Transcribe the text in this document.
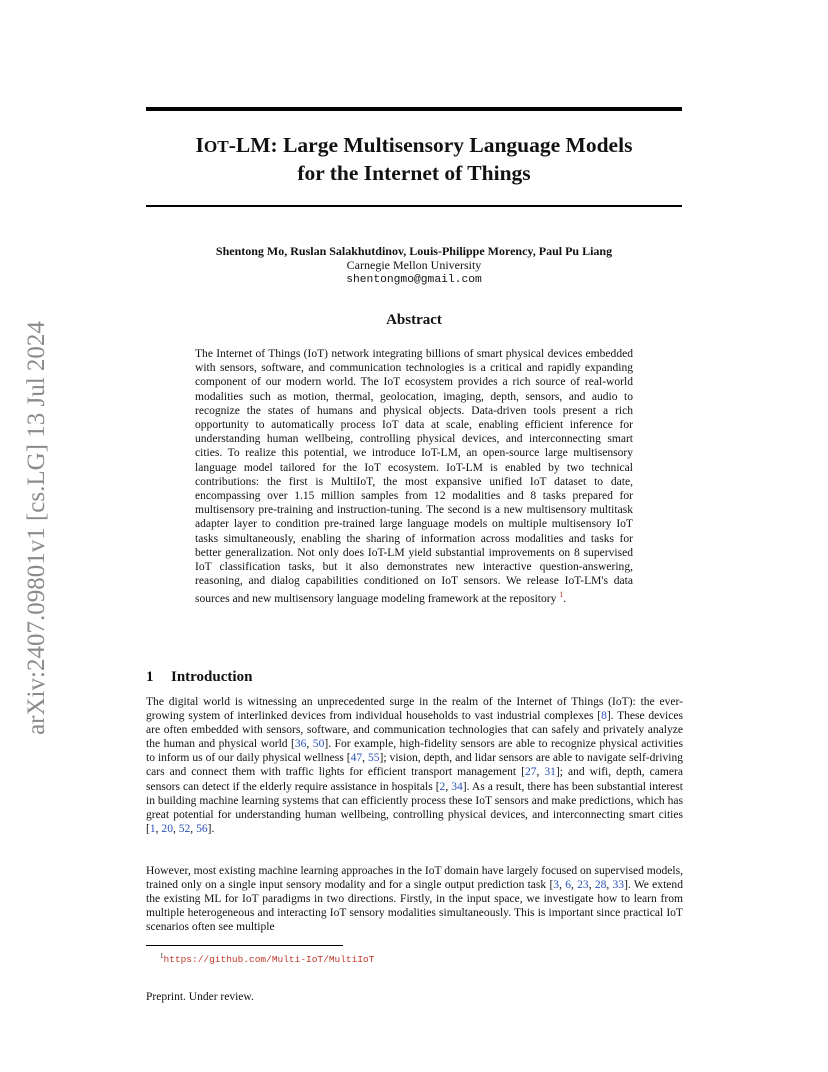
arXiv:2407.09801v1 [cs.LG] 13 Jul 2024
IOT-LM: Large Multisensory Language Models
for the Internet of Things
Shentong Mo, Ruslan Salakhutdinov, Louis-Philippe Morency, Paul Pu Liang
Carnegie Mellon University
shentongmo@gmail.com
Abstract

The Internet of Things (IoT) network integrating billions of smart physical devices embedded with sensors, software, and communication technologies is a critical and rapidly expanding component of our modern world. The IoT ecosystem provides a rich source of real-world modalities such as motion, thermal, geolocation, imaging, depth, sensors, and audio to recognize the states of humans and physical objects. Data-driven tools present a rich opportunity to automatically process IoT data at scale, enabling efficient inference for understanding human wellbeing, controlling physical devices, and interconnecting smart cities. To realize this potential, we introduce IoT-LM, an open-source large multisensory language model tailored for the IoT ecosystem. IoT-LM is enabled by two technical contributions: the first is MultiIoT, the most expansive unified IoT dataset to date, encompassing over 1.15 million samples from 12 modalities and 8 tasks prepared for multisensory pre-training and instruction-tuning. The second is a new multisensory multitask adapter layer to condition pre-trained large language models on multiple multisensory IoT tasks simultaneously, enabling the sharing of information across modalities and tasks for better generalization. Not only does IoT-LM yield substantial improvements on 8 supervised IoT classification tasks, but it also demonstrates new interactive question-answering, reasoning, and dialog capabilities conditioned on IoT sensors. We release IoT-LM's data sources and new multisensory language modeling framework at the repository $^1$.

1 Introduction

The digital world is witnessing an unprecedented surge in the realm of the Internet of Things (IoT): the ever-growing system of interlinked devices from individual households to vast industrial complexes [8]. These devices are often embedded with sensors, software, and communication technologies that can safely and privately analyze the human and physical world [36, 50]. For example, high-fidelity sensors are able to recognize physical activities to inform us of our daily physical wellness [47, 55]; vision, depth, and lidar sensors are able to navigate self-driving cars and connect them with traffic lights for efficient transport management [27, 31]; and wifi, depth, camera sensors can detect if the elderly require assistance in hospitals [2, 34]. As a result, there has been substantial interest in building machine learning systems that can efficiently process these IoT sensors and make predictions, which has great potential for understanding human wellbeing, controlling physical devices, and interconnecting smart cities [1, 20, 52, 56].

However, most existing machine learning approaches in the IoT domain have largely focused on supervised models, trained only on a single input sensory modality and for a single output prediction task [3, 6, 23, 28, 33]. We extend the existing ML for IoT paradigms in two directions. Firstly, in the input space, we investigate how to learn from multiple heterogeneous and interacting IoT sensory modalities simultaneously. This is important since practical IoT scenarios often see multiple

$^1$https://github.com/Multi-IoT/MultiIoT
Preprint. Under review.
